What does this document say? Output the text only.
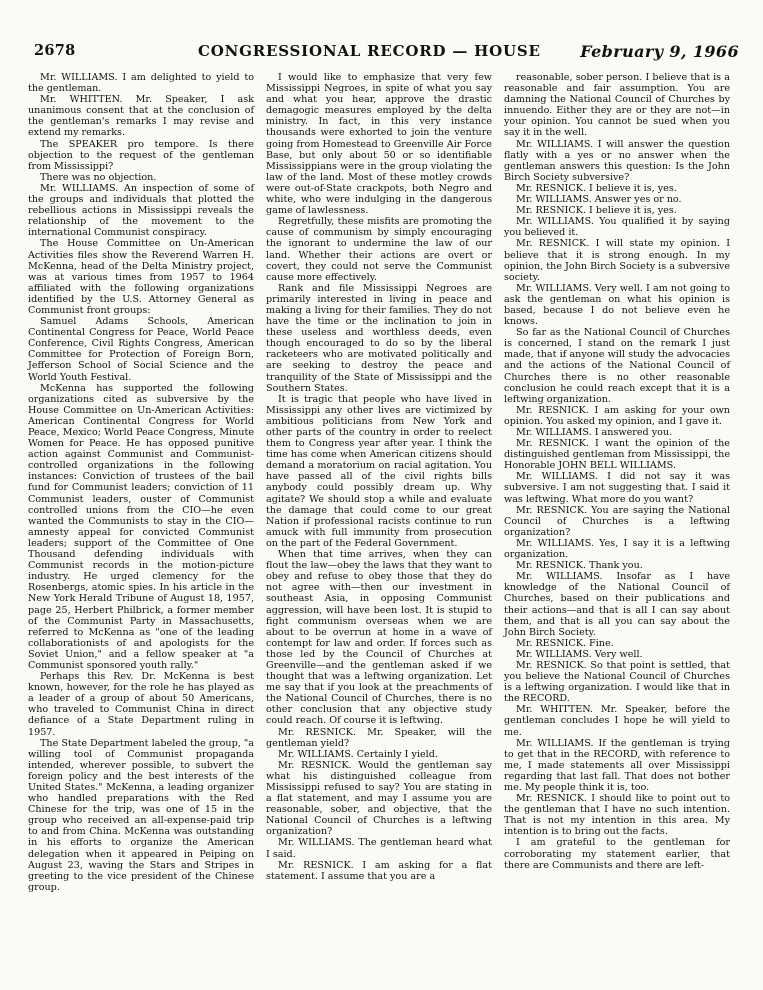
2678	CONGRESSIONAL RECORD — HOUSE February 9, 1966

Mr. WILLIAMS. I am delighted to yield to the gentleman.

Mr. WHITTEN. Mr. Speaker, I ask unanimous consent that at the conclusion of the gentleman's remarks I may revise and extend my remarks.

The SPEAKER pro tempore. Is there objection to the request of the gentleman from Mississippi?

There was no objection.

Mr. WILLIAMS. An inspection of some of the groups and individuals that plotted the rebellious actions in Mississippi reveals the relationship of the movement to the international Communist conspiracy.

The House Committee on Un-American Activities files show the Reverend Warren H. McKenna, head of the Delta Ministry project, was at various times from 1957 to 1964 affiliated with the following organizations identified by the U.S. Attorney General as Communist front groups:

Samuel Adams Schools, American Continental Congress for Peace, World Peace Conference, Civil Rights Congress, American Committee for Protection of Foreign Born, Jefferson School of Social Science and the World Youth Festival.

McKenna has supported the following organizations cited as subversive by the House Committee on Un-American Activities: American Continental Congress for World Peace, Mexico; World Peace Congress, Minute Women for Peace. He has opposed punitive action against Communist and Communist-controlled organizations in the following instances: Conviction of trustees of the bail fund for Communist leaders; conviction of 11 Communist leaders, ouster of Communist controlled unions from the CIO—he even wanted the Communists to stay in the CIO—amnesty appeal for convicted Communist leaders; support of the Committee of One Thousand defending individuals with Communist records in the motion-picture industry. He urged clemency for the Rosenbergs, atomic spies. In his article in the New York Herald Tribune of August 18, 1957, page 25, Herbert Philbrick, a former member of the Communist Party in Massachusetts, referred to McKenna as "one of the leading collaborationists of and apologists for the Soviet Union," and a fellow speaker at "a Communist sponsored youth rally."

Perhaps this Rev. Dr. McKenna is best known, however, for the role he has played as a leader of a group of about 50 Americans, who traveled to Communist China in direct defiance of a State Department ruling in 1957.

The State Department labeled the group, "a willing tool of Communist propaganda intended, wherever possible, to subvert the foreign policy and the best interests of the United States." McKenna, a leading organizer who handled preparations with the Red Chinese for the trip, was one of 15 in the group who received an all-expense-paid trip to and from China. McKenna was outstanding in his efforts to organize the American delegation when it appeared in Peiping on August 23, waving the Stars and Stripes in greeting to the vice president of the Chinese group.

I would like to emphasize that very few Mississippi Negroes, in spite of what you say and what you hear, approve the drastic demagogic measures employed by the delta ministry. In fact, in this very instance thousands were exhorted to join the venture going from Homestead to Greenville Air Force Base, but only about 50 or so identifiable Mississippians were in the group violating the law of the land. Most of these motley crowds were out-of-State crackpots, both Negro and white, who were indulging in the dangerous game of lawlessness.

Regretfully, these misfits are promoting the cause of communism by simply encouraging the ignorant to undermine the law of our land. Whether their actions are overt or covert, they could not serve the Communist cause more effectively.

Rank and file Mississippi Negroes are primarily interested in living in peace and making a living for their families. They do not have the time or the inclination to join in these useless and worthless deeds, even though encouraged to do so by the liberal racketeers who are motivated politically and are seeking to destroy the peace and tranquility of the State of Mississippi and the Southern States.

It is tragic that people who have lived in Mississippi any other lives are victimized by ambitious politicians from New York and other parts of the country in order to reelect them to Congress year after year. I think the time has come when American citizens should demand a moratorium on racial agitation. You have passed all of the civil rights bills anybody could possibly dream up. Why agitate? We should stop a while and evaluate the damage that could come to our great Nation if professional racists continue to run amuck with full immunity from prosecution on the part of the Federal Government.

When that time arrives, when they can flout the law—obey the laws that they want to obey and refuse to obey those that they do not agree with—then our investment in southeast Asia, in opposing Communist aggression, will have been lost. It is stupid to fight communism overseas when we are about to be overrun at home in a wave of contempt for law and order. If forces such as those led by the Council of Churches at Greenville—and the gentleman asked if we thought that was a leftwing organization. Let me say that if you look at the preachments of the National Council of Churches, there is no other conclusion that any objective study could reach. Of course it is leftwing.

Mr. RESNICK. Mr. Speaker, will the gentleman yield?

Mr. WILLIAMS. Certainly I yield.

Mr. RESNICK. Would the gentleman say what his distinguished colleague from Mississippi refused to say? You are stating in a flat statement, and may I assume you are reasonable, sober, and objective, that the National Council of Churches is a leftwing organization?

Mr. WILLIAMS. The gentleman heard what I said.

Mr. RESNICK. I am asking for a flat statement. I assume that you are a

reasonable, sober person. I believe that is a reasonable and fair assumption. You are damning the National Council of Churches by innuendo. Either they are or they are not—in your opinion. You cannot be sued when you say it in the well.

Mr. WILLIAMS. I will answer the question flatly with a yes or no answer when the gentleman answers this question: Is the John Birch Society subversive?

Mr. RESNICK. I believe it is, yes.

Mr. WILLIAMS. Answer yes or no.

Mr. RESNICK. I believe it is, yes.

Mr. WILLIAMS. You qualified it by saying you believed it.

Mr. RESNICK. I will state my opinion. I believe that it is strong enough. In my opinion, the John Birch Society is a subversive society.

Mr. WILLIAMS. Very well. I am not going to ask the gentleman on what his opinion is based, because I do not believe even he knows.

So far as the National Council of Churches is concerned, I stand on the remark I just made, that if anyone will study the advocacies and the actions of the National Council of Churches there is no other reasonable conclusion he could reach except that it is a leftwing organization.

Mr. RESNICK. I am asking for your own opinion. You asked my opinion, and I gave it.

Mr. WILLIAMS. I answered you.

Mr. RESNICK. I want the opinion of the distinguished gentleman from Mississippi, the Honorable JOHN BELL WILLIAMS.

Mr. WILLIAMS. I did not say it was subversive. I am not suggesting that. I said it was leftwing. What more do you want?

Mr. RESNICK. You are saying the National Council of Churches is a leftwing organization?

Mr. WILLIAMS. Yes, I say it is a leftwing organization.

Mr. RESNICK. Thank you.

Mr. WILLIAMS. Insofar as I have knowledge of the National Council of Churches, based on their publications and their actions—and that is all I can say about them, and that is all you can say about the John Birch Society.

Mr. RESNICK. Fine.

Mr. WILLIAMS. Very well.

Mr. RESNICK. So that point is settled, that you believe the National Council of Churches is a leftwing organization. I would like that in the RECORD.

Mr. WHITTEN. Mr. Speaker, before the gentleman concludes I hope he will yield to me.

Mr. WILLIAMS. If the gentleman is trying to get that in the RECORD, with reference to me, I made statements all over Mississippi regarding that last fall. That does not bother me. My people think it is, too.

Mr. RESNICK. I should like to point out to the gentleman that I have no such intention. That is not my intention in this area. My intention is to bring out the facts.

I am grateful to the gentleman for corroborating my statement earlier, that there are Communists and there are left-
